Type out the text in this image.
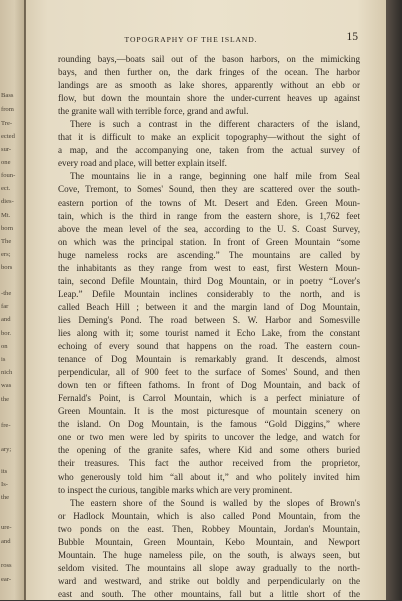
Bass
from
Tre-
ected
sur-
one
foun-
ect.
dies-
Mt.
born
The
ers;
bors
-the
far
and
bor.
on
is
nich
was
the
fre-
ary;
its
Is-
the
ure-
and
ross
ear-
TOPOGRAPHY OF THE ISLAND.	15
rounding bays,—boats sail out of the bason harbors, on the mimicking
bays, and then further on, the dark fringes of the ocean. The harbor
landings are as smooth as lake shores, apparently without an ebb or
flow, but down the mountain shore the under-current heaves up against
the granite wall with terrible force, grand and awful.
There is such a contrast in the different characters of the island,
that it is difficult to make an explicit topography—without the sight of
a map, and the accompanying one, taken from the actual survey of
every road and place, will better explain itself.
The mountains lie in a range, beginning one half mile from Seal
Cove, Tremont, to Somes' Sound, then they are scattered over the south-
eastern portion of the towns of Mt. Desert and Eden. Green Moun-
tain, which is the third in range from the eastern shore, is 1,762 feet
above the mean level of the sea, according to the U. S. Coast Survey,
on which was the principal station. In front of Green Mountain “some
huge nameless rocks are ascending.” The mountains are called by
the inhabitants as they range from west to east, first Western Moun-
tain, second Defile Mountain, third Dog Mountain, or in poetry “Lover's
Leap.” Defile Mountain inclines considerably to the north, and is
called Beach Hill ; between it and the margin land of Dog Mountain,
lies Deming's Pond. The road between S. W. Harbor and Somesville
lies along with it; some tourist named it Echo Lake, from the constant
echoing of every sound that happens on the road. The eastern coun-
tenance of Dog Mountain is remarkably grand. It descends, almost
perpendicular, all of 900 feet to the surface of Somes' Sound, and then
down ten or fifteen fathoms. In front of Dog Mountain, and back of
Fernald's Point, is Carrol Mountain, which is a perfect miniature of
Green Mountain. It is the most picturesque of mountain scenery on
the island. On Dog Mountain, is the famous “Gold Diggins,” where
one or two men were led by spirits to uncover the ledge, and watch for
the opening of the granite safes, where Kid and some others buried
their treasures. This fact the author received from the proprietor,
who generously told him “all about it,” and who politely invited him
to inspect the curious, tangible marks which are very prominent.
The eastern shore of the Sound is walled by the slopes of Brown's
or Hadlock Mountain, which is also called Pond Mountain, from the
two ponds on the east. Then, Robbey Mountain, Jordan's Mountain,
Bubble Mountain, Green Mountain, Kebo Mountain, and Newport
Mountain. The huge nameless pile, on the south, is always seen, but
seldom visited. The mountains all slope away gradually to the north-
ward and westward, and strike out boldly and perpendicularly on the
east and south. The other mountains, fall but a little short of the
